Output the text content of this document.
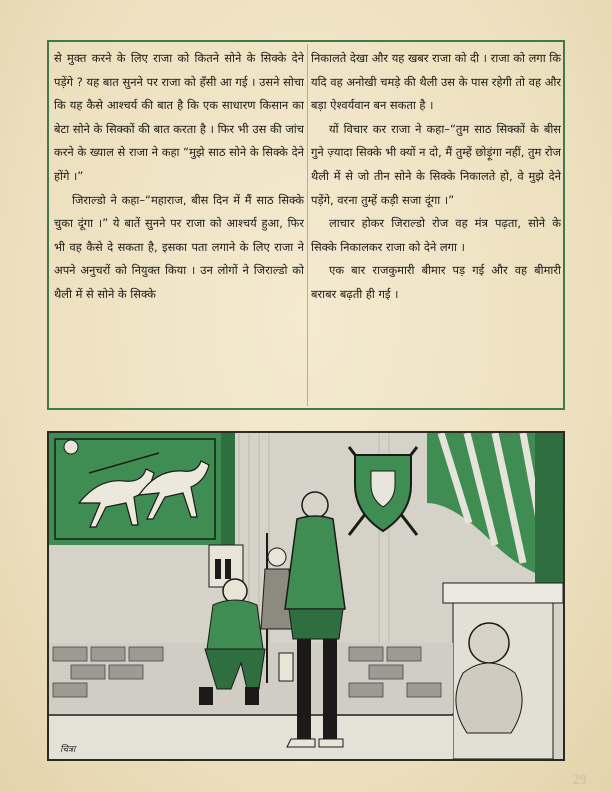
से मुक्त करने के लिए राजा को कितने सोने के सिक्के देने पड़ेंगे ? यह बात सुनने पर राजा को हँसी आ गई । उसने सोचा कि यह कैसे आश्चर्य की बात है कि एक साधारण किसान का बेटा सोने के सिक्कों की बात करता है । फिर भी उस की जांच करने के ख्याल से राजा ने कहा “मुझे साठ सोने के सिक्के देने होंगे ।”

जिराल्डो ने कहा–“महाराज, बीस दिन में मैं साठ सिक्के चुका दूंगा ।” ये बातें सुनने पर राजा को आश्चर्य हुआ, फिर भी वह कैसे दे सकता है, इसका पता लगाने के लिए राजा ने अपने अनुचरों को नियुक्त किया । उन लोगों ने जिराल्डो को थैली में से सोने के सिक्के

निकालते देखा और यह खबर राजा को दी । राजा को लगा कि यदि वह अनोखी चमड़े की थैली उस के पास रहेगी तो वह और बड़ा ऐश्वर्यवान बन सकता है ।

यों विचार कर राजा ने कहा–“तुम साठ सिक्कों के बीस गुने ज़्यादा सिक्के भी क्यों न दो, मैं तुम्हें छोड़ूंगा नहीं, तुम रोज थैली में से जो तीन सोने के सिक्के निकालते हो, वे मुझे देने पड़ेंगे, वरना तुम्हें कड़ी सजा दूंगा ।”

लाचार होकर जिराल्डो रोज वह मंत्र पढ़ता, सोने के सिक्के निकालकर राजा को देने लगा ।

एक बार राजकुमारी बीमार पड़ गई और वह बीमारी बराबर बढ़ती ही गई ।

चित्रा
29
